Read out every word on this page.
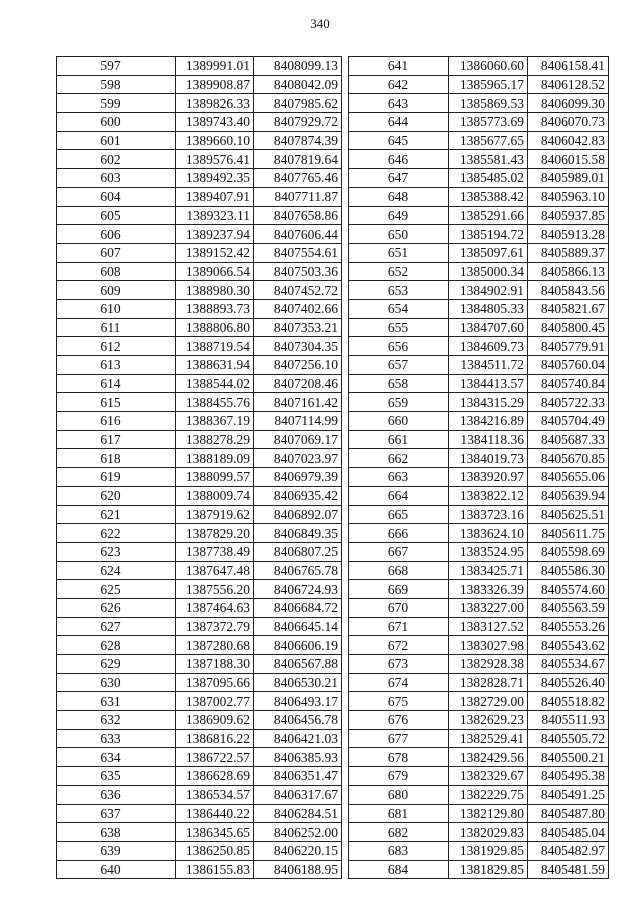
340
597	1389991.01	8408099.13
598	1389908.87	8408042.09
599	1389826.33	8407985.62
600	1389743.40	8407929.72
601	1389660.10	8407874.39
602	1389576.41	8407819.64
603	1389492.35	8407765.46
604	1389407.91	8407711.87
605	1389323.11	8407658.86
606	1389237.94	8407606.44
607	1389152.42	8407554.61
608	1389066.54	8407503.36
609	1388980.30	8407452.72
610	1388893.73	8407402.66
611	1388806.80	8407353.21
612	1388719.54	8407304.35
613	1388631.94	8407256.10
614	1388544.02	8407208.46
615	1388455.76	8407161.42
616	1388367.19	8407114.99
617	1388278.29	8407069.17
618	1388189.09	8407023.97
619	1388099.57	8406979.39
620	1388009.74	8406935.42
621	1387919.62	8406892.07
622	1387829.20	8406849.35
623	1387738.49	8406807.25
624	1387647.48	8406765.78
625	1387556.20	8406724.93
626	1387464.63	8406684.72
627	1387372.79	8406645.14
628	1387280.68	8406606.19
629	1387188.30	8406567.88
630	1387095.66	8406530.21
631	1387002.77	8406493.17
632	1386909.62	8406456.78
633	1386816.22	8406421.03
634	1386722.57	8406385.93
635	1386628.69	8406351.47
636	1386534.57	8406317.67
637	1386440.22	8406284.51
638	1386345.65	8406252.00
639	1386250.85	8406220.15
640	1386155.83	8406188.95
641	1386060.60	8406158.41
642	1385965.17	8406128.52
643	1385869.53	8406099.30
644	1385773.69	8406070.73
645	1385677.65	8406042.83
646	1385581.43	8406015.58
647	1385485.02	8405989.01
648	1385388.42	8405963.10
649	1385291.66	8405937.85
650	1385194.72	8405913.28
651	1385097.61	8405889.37
652	1385000.34	8405866.13
653	1384902.91	8405843.56
654	1384805.33	8405821.67
655	1384707.60	8405800.45
656	1384609.73	8405779.91
657	1384511.72	8405760.04
658	1384413.57	8405740.84
659	1384315.29	8405722.33
660	1384216.89	8405704.49
661	1384118.36	8405687.33
662	1384019.73	8405670.85
663	1383920.97	8405655.06
664	1383822.12	8405639.94
665	1383723.16	8405625.51
666	1383624.10	8405611.75
667	1383524.95	8405598.69
668	1383425.71	8405586.30
669	1383326.39	8405574.60
670	1383227.00	8405563.59
671	1383127.52	8405553.26
672	1383027.98	8405543.62
673	1382928.38	8405534.67
674	1382828.71	8405526.40
675	1382729.00	8405518.82
676	1382629.23	8405511.93
677	1382529.41	8405505.72
678	1382429.56	8405500.21
679	1382329.67	8405495.38
680	1382229.75	8405491.25
681	1382129.80	8405487.80
682	1382029.83	8405485.04
683	1381929.85	8405482.97
684	1381829.85	8405481.59
